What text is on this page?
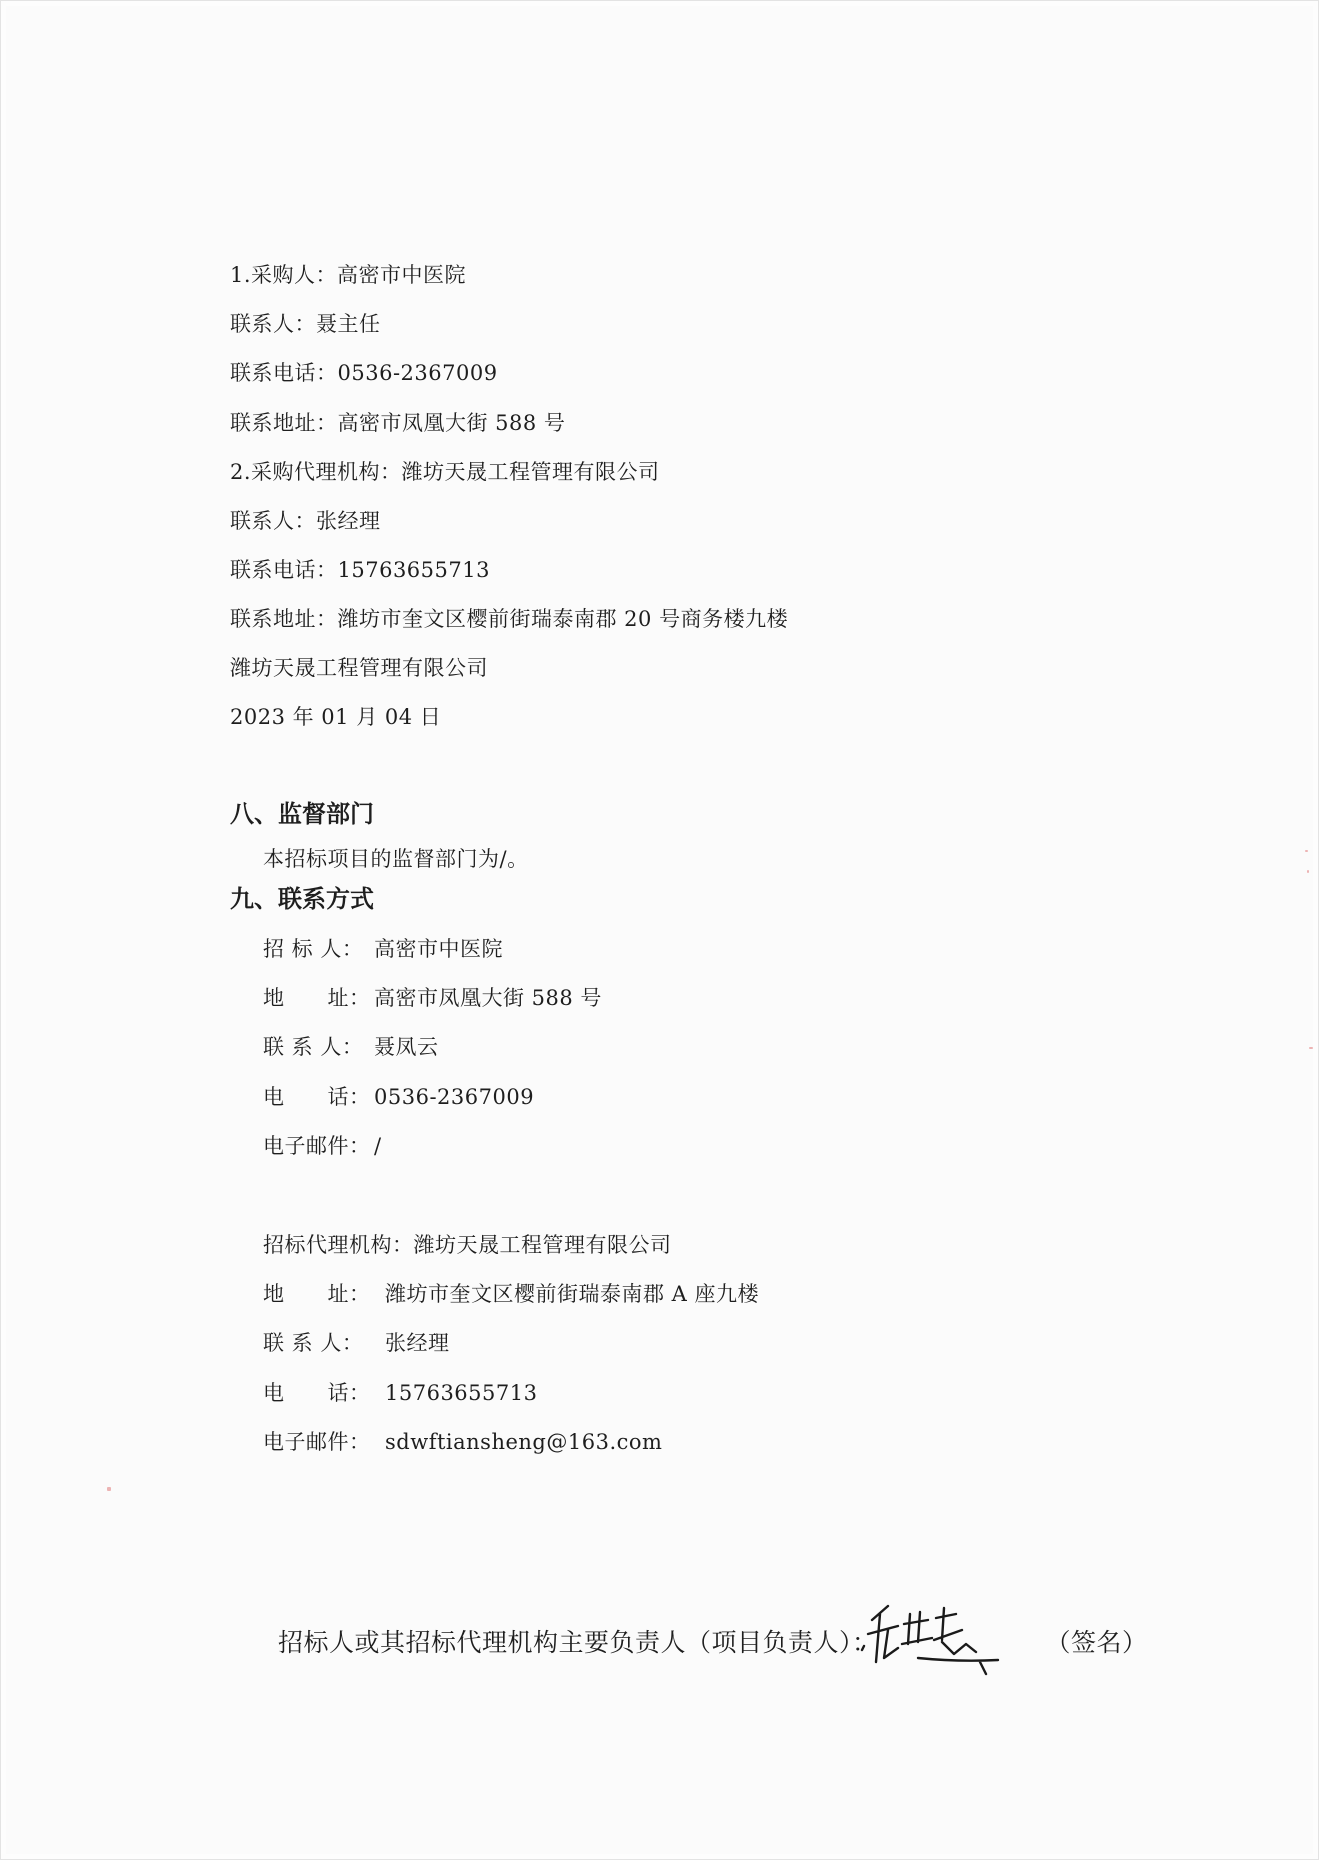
1.采购人：高密市中医院
联系人：聂主任
联系电话：0536-2367009
联系地址：高密市凤凰大街 588 号
2.采购代理机构：潍坊天晟工程管理有限公司
联系人：张经理
联系电话：15763655713
联系地址：潍坊市奎文区樱前街瑞泰南郡 20 号商务楼九楼
潍坊天晟工程管理有限公司
2023 年 01 月 04 日
八、监督部门
本招标项目的监督部门为/。
九、联系方式
招 标 人： 高密市中医院
地　　址： 高密市凤凰大街 588 号
联 系 人： 聂凤云
电　　话： 0536-2367009
电子邮件： /
招标代理机构：潍坊天晟工程管理有限公司
地　　址： 潍坊市奎文区樱前街瑞泰南郡 A 座九楼
联 系 人： 张经理
电　　话： 15763655713
电子邮件： sdwftiansheng@163.com
招标人或其招标代理机构主要负责人（项目负责人）：	（签名）
